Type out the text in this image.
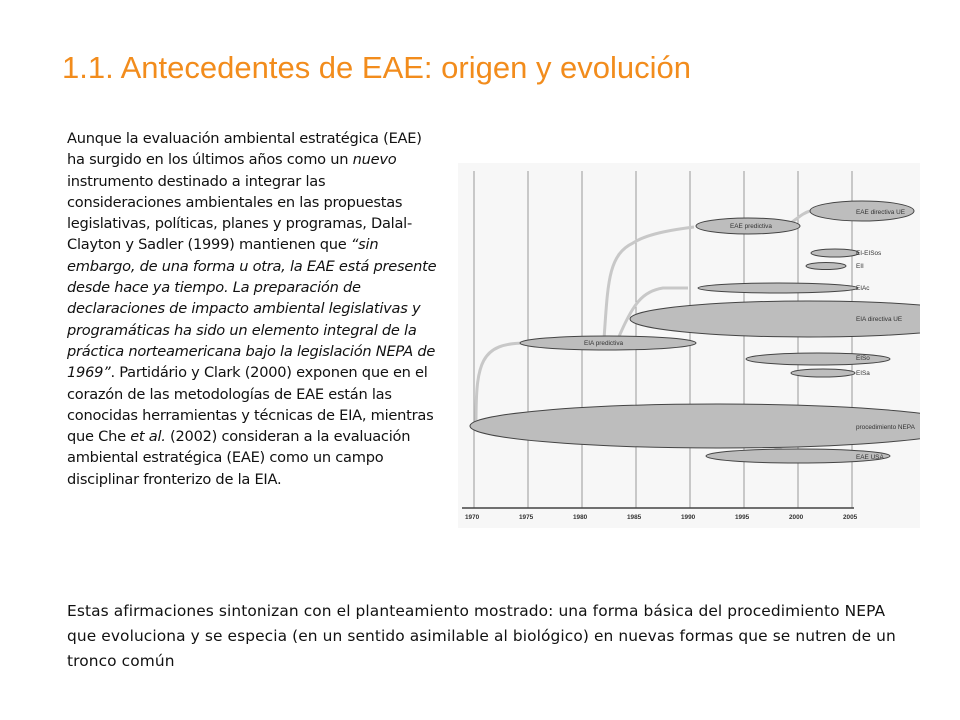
1.1. Antecedentes de EAE: origen y evolución

Aunque la evaluación ambiental estratégica (EAE) ha surgido en los últimos años como un nuevo instrumento destinado a integrar las consideraciones ambientales en las propuestas legislativas, políticas, planes y programas, Dalal-Clayton y Sadler (1999) mantienen que “sin embargo, de una forma u otra, la EAE está presente desde hace ya tiempo. La preparación de declaraciones de impacto ambiental legislativas y programáticas ha sido un elemento integral de la práctica norteamericana bajo la legislación NEPA de 1969”. Partidário y Clark (2000) exponen que en el corazón de las metodologías de EAE están las conocidas herramientas y técnicas de EIA, mientras que Che et al. (2002) consideran a la evaluación ambiental estratégica (EAE) como un campo disciplinar fronterizo de la EIA.

EAE predictiva
EIA predictiva
EAE directiva UE
EI-EISos
EII
EIAc
EIA directiva UE
EISo
EISa
procedimiento NEPA
EAE USA
1970	1975	1980	1985	1990	1995	2000	2005

Estas afirmaciones sintonizan con el planteamiento mostrado: una forma básica del procedimiento NEPA que evoluciona y se especia (en un sentido asimilable al biológico) en nuevas formas que se nutren de un tronco común
